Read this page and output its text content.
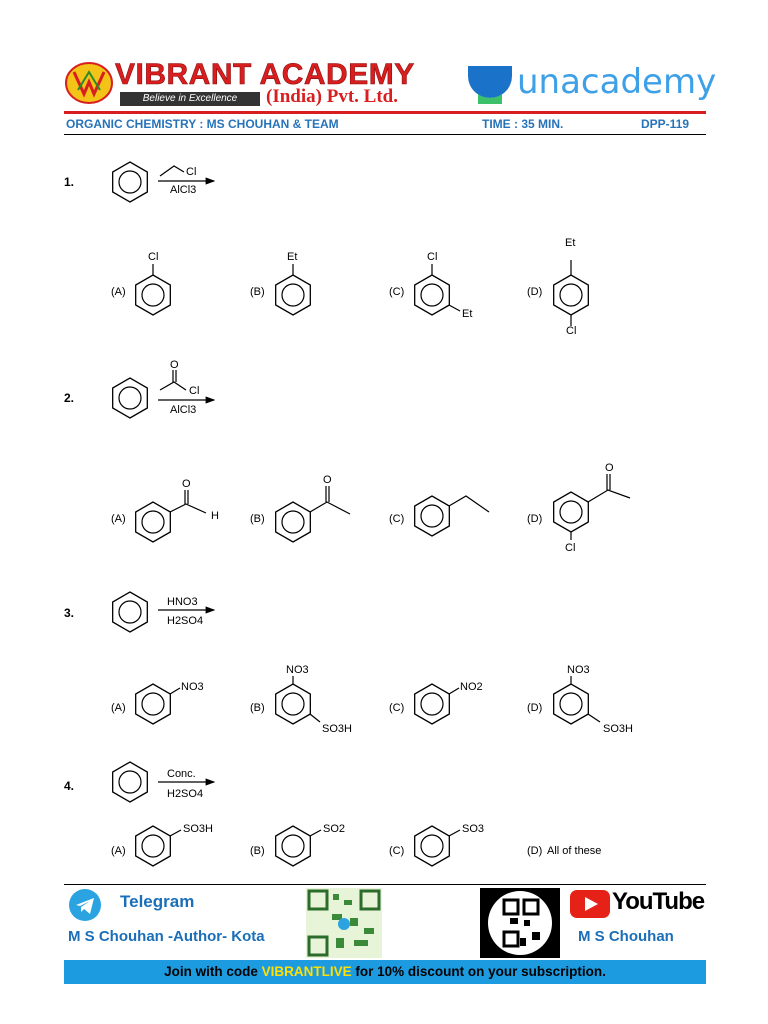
VIBRANT ACADEMY
Believe in Excellence	(India) Pvt. Ltd.	unacademy
ORGANIC CHEMISTRY : MS CHOUHAN & TEAM	TIME : 35 MIN.	DPP-119
1.
Cl
AlCl3
(A)
Cl
(B)
Et
(C)
Cl
Et
(D)
Et
Cl
2.
O
Cl
AlCl3
(A)
O
H	(B)
O
(C)	(D)
O
Cl
3.
HNO3
H2SO4
(A)
NO3
(B)
NO3
SO3H
(C)
NO2
(D)
NO3
SO3H
4.
Conc.
H2SO4
(A)
SO3H
(B)
SO2
(C)
SO3
(D) All of these
Telegram
M S Chouhan -Author- Kota
YouTube
M S Chouhan
Join with code VIBRANTLIVE for 10% discount on your subscription.
